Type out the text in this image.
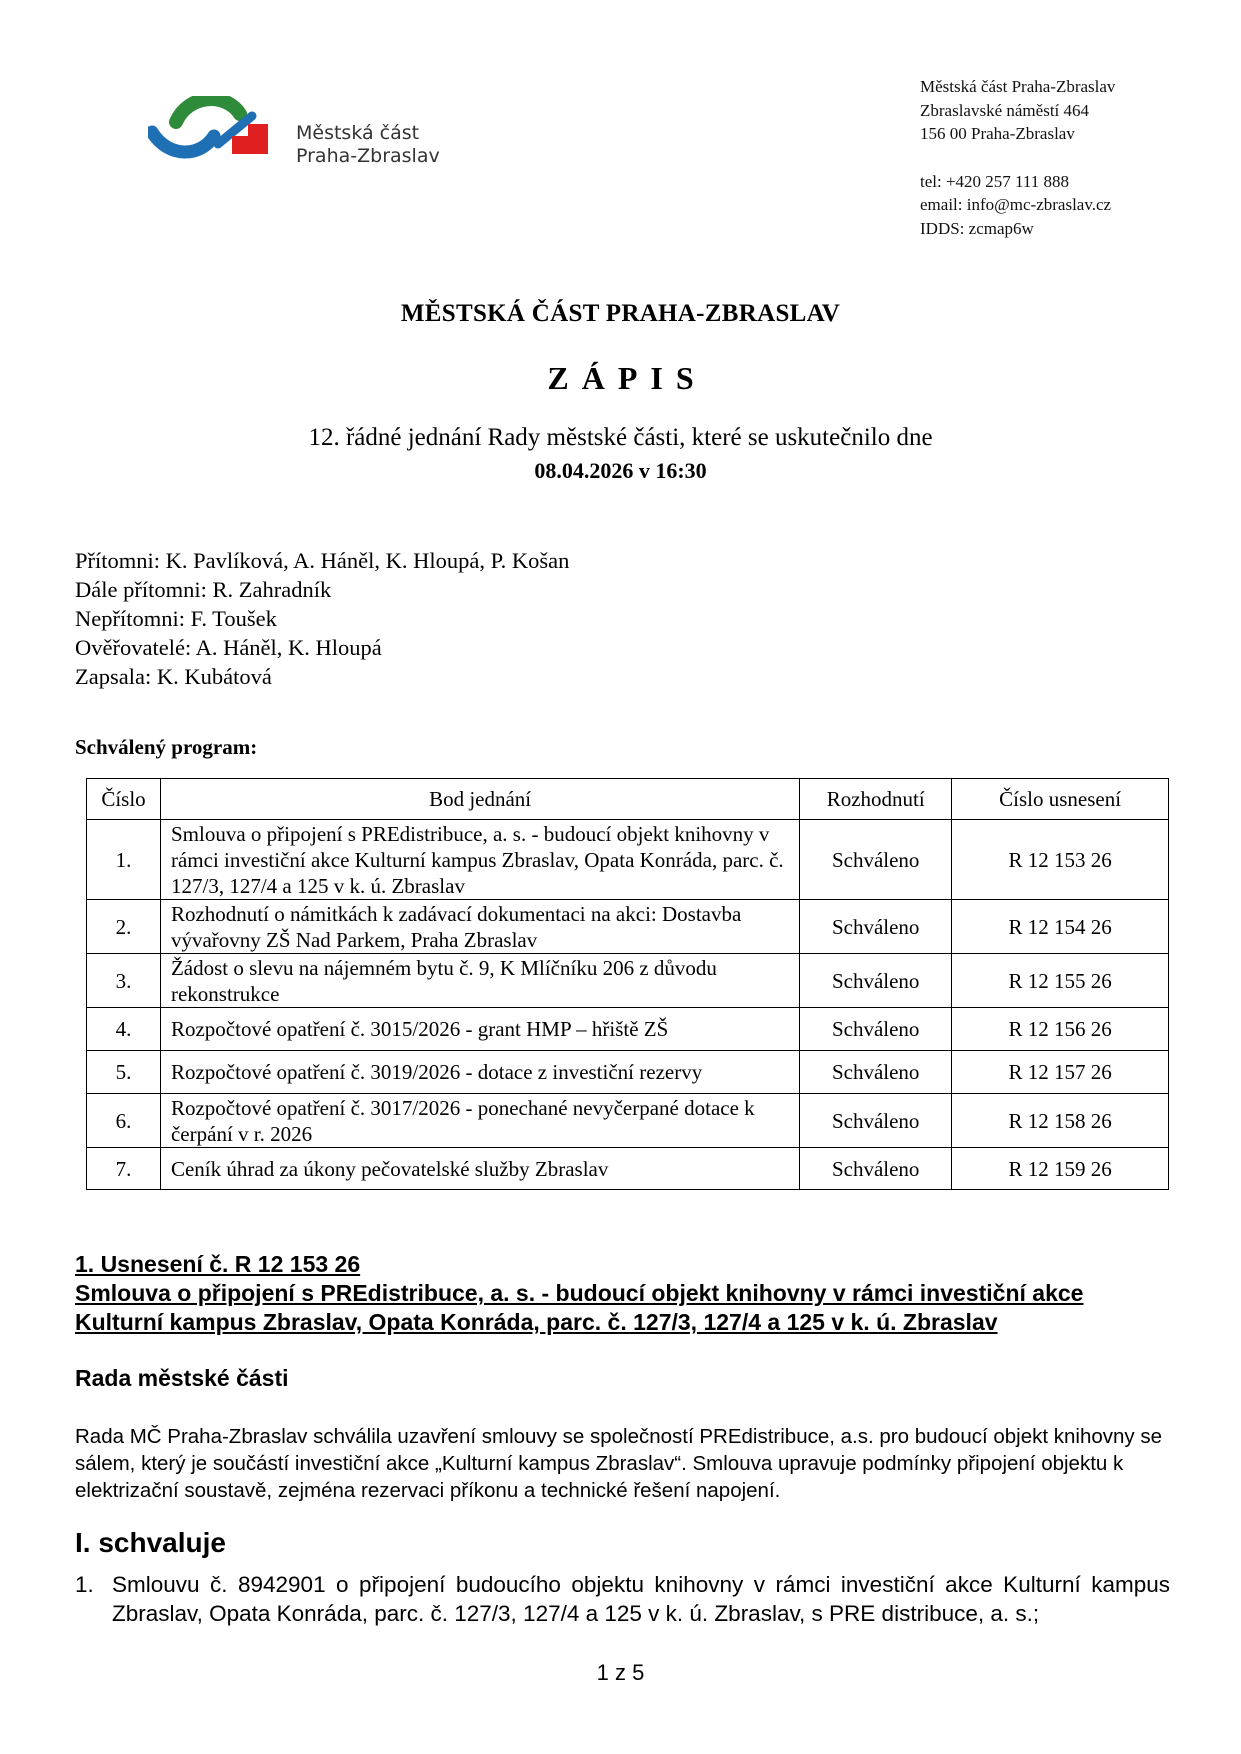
Městská část
Praha-Zbraslav
Městská část Praha-Zbraslav
Zbraslavské náměstí 464
156 00 Praha-Zbraslav
tel: +420 257 111 888
email: info@mc-zbraslav.cz
IDDS: zcmap6w
MĚSTSKÁ ČÁST PRAHA-ZBRASLAV
ZÁPIS
12. řádné jednání Rady městské části, které se uskutečnilo dne
08.04.2026 v 16:30
Přítomni: K. Pavlíková, A. Háněl, K. Hloupá, P. Košan
Dále přítomni: R. Zahradník
Nepřítomni: F. Toušek
Ověřovatelé: A. Háněl, K. Hloupá
Zapsala: K. Kubátová
Schválený program:
Číslo	Bod jednání	Rozhodnutí	Číslo usnesení
1.	Smlouva o připojení s PREdistribuce, a. s. - budoucí objekt knihovny v rámci investiční akce Kulturní kampus Zbraslav, Opata Konráda, parc. č. 127/3, 127/4 a 125 v k. ú. Zbraslav	Schváleno	R 12 153 26
2.	Rozhodnutí o námitkách k zadávací dokumentaci na akci: Dostavba vývařovny ZŠ Nad Parkem, Praha Zbraslav	Schváleno	R 12 154 26
3.	Žádost o slevu na nájemném bytu č. 9, K Mlíčníku 206 z důvodu rekonstrukce	Schváleno	R 12 155 26
4.	Rozpočtové opatření č. 3015/2026 - grant HMP – hřiště ZŠ	Schváleno	R 12 156 26
5.	Rozpočtové opatření č. 3019/2026 - dotace z investiční rezervy	Schváleno	R 12 157 26
6.	Rozpočtové opatření č. 3017/2026 - ponechané nevyčerpané dotace k čerpání v r. 2026	Schváleno	R 12 158 26
7.	Ceník úhrad za úkony pečovatelské služby Zbraslav	Schváleno	R 12 159 26
1. Usnesení č. R 12 153 26
Smlouva o připojení s PREdistribuce, a. s. - budoucí objekt knihovny v rámci investiční akce Kulturní kampus Zbraslav, Opata Konráda, parc. č. 127/3, 127/4 a 125 v k. ú. Zbraslav
Rada městské části
Rada MČ Praha-Zbraslav schválila uzavření smlouvy se společností PREdistribuce, a.s. pro budoucí objekt knihovny se sálem, který je součástí investiční akce „Kulturní kampus Zbraslav“. Smlouva upravuje podmínky připojení objektu k elektrizační soustavě, zejména rezervaci příkonu a technické řešení napojení.
I. schvaluje
1. Smlouvu č. 8942901 o připojení budoucího objektu knihovny v rámci investiční akce Kulturní kampus Zbraslav, Opata Konráda, parc. č. 127/3, 127/4 a 125 v k. ú. Zbraslav, s PRE distribuce, a. s.;
1 z 5
